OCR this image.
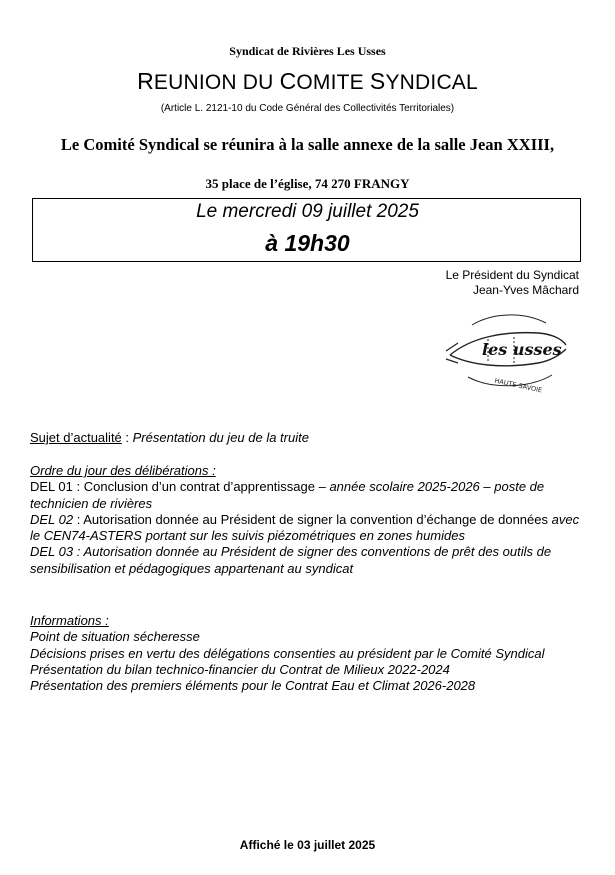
Syndicat de Rivières Les Usses
REUNION DU COMITE SYNDICAL
(Article L. 2121-10 du Code Général des Collectivités Territoriales)
Le Comité Syndical se réunira à la salle annexe de la salle Jean XXIII,
35 place de l’église, 74 270 FRANGY
Le mercredi 09 juillet 2025
à 19h30
Le Président du Syndicat
Jean-Yves Mâchard
les usses
HAUTE-SAVOIE
Sujet d’actualité : Présentation du jeu de la truite
Ordre du jour des délibérations :
DEL 01 : Conclusion d’un contrat d’apprentissage – année scolaire 2025-2026 – poste de technicien de rivières
DEL 02 : Autorisation donnée au Président de signer la convention d’échange de données avec le CEN74-ASTERS portant sur les suivis piézométriques en zones humides
DEL 03 : Autorisation donnée au Président de signer des conventions de prêt des outils de sensibilisation et pédagogiques appartenant au syndicat
Informations :
Point de situation sécheresse
Décisions prises en vertu des délégations consenties au président par le Comité Syndical
Présentation du bilan technico-financier du Contrat de Milieux 2022-2024
Présentation des premiers éléments pour le Contrat Eau et Climat 2026-2028
Affiché le 03 juillet 2025
